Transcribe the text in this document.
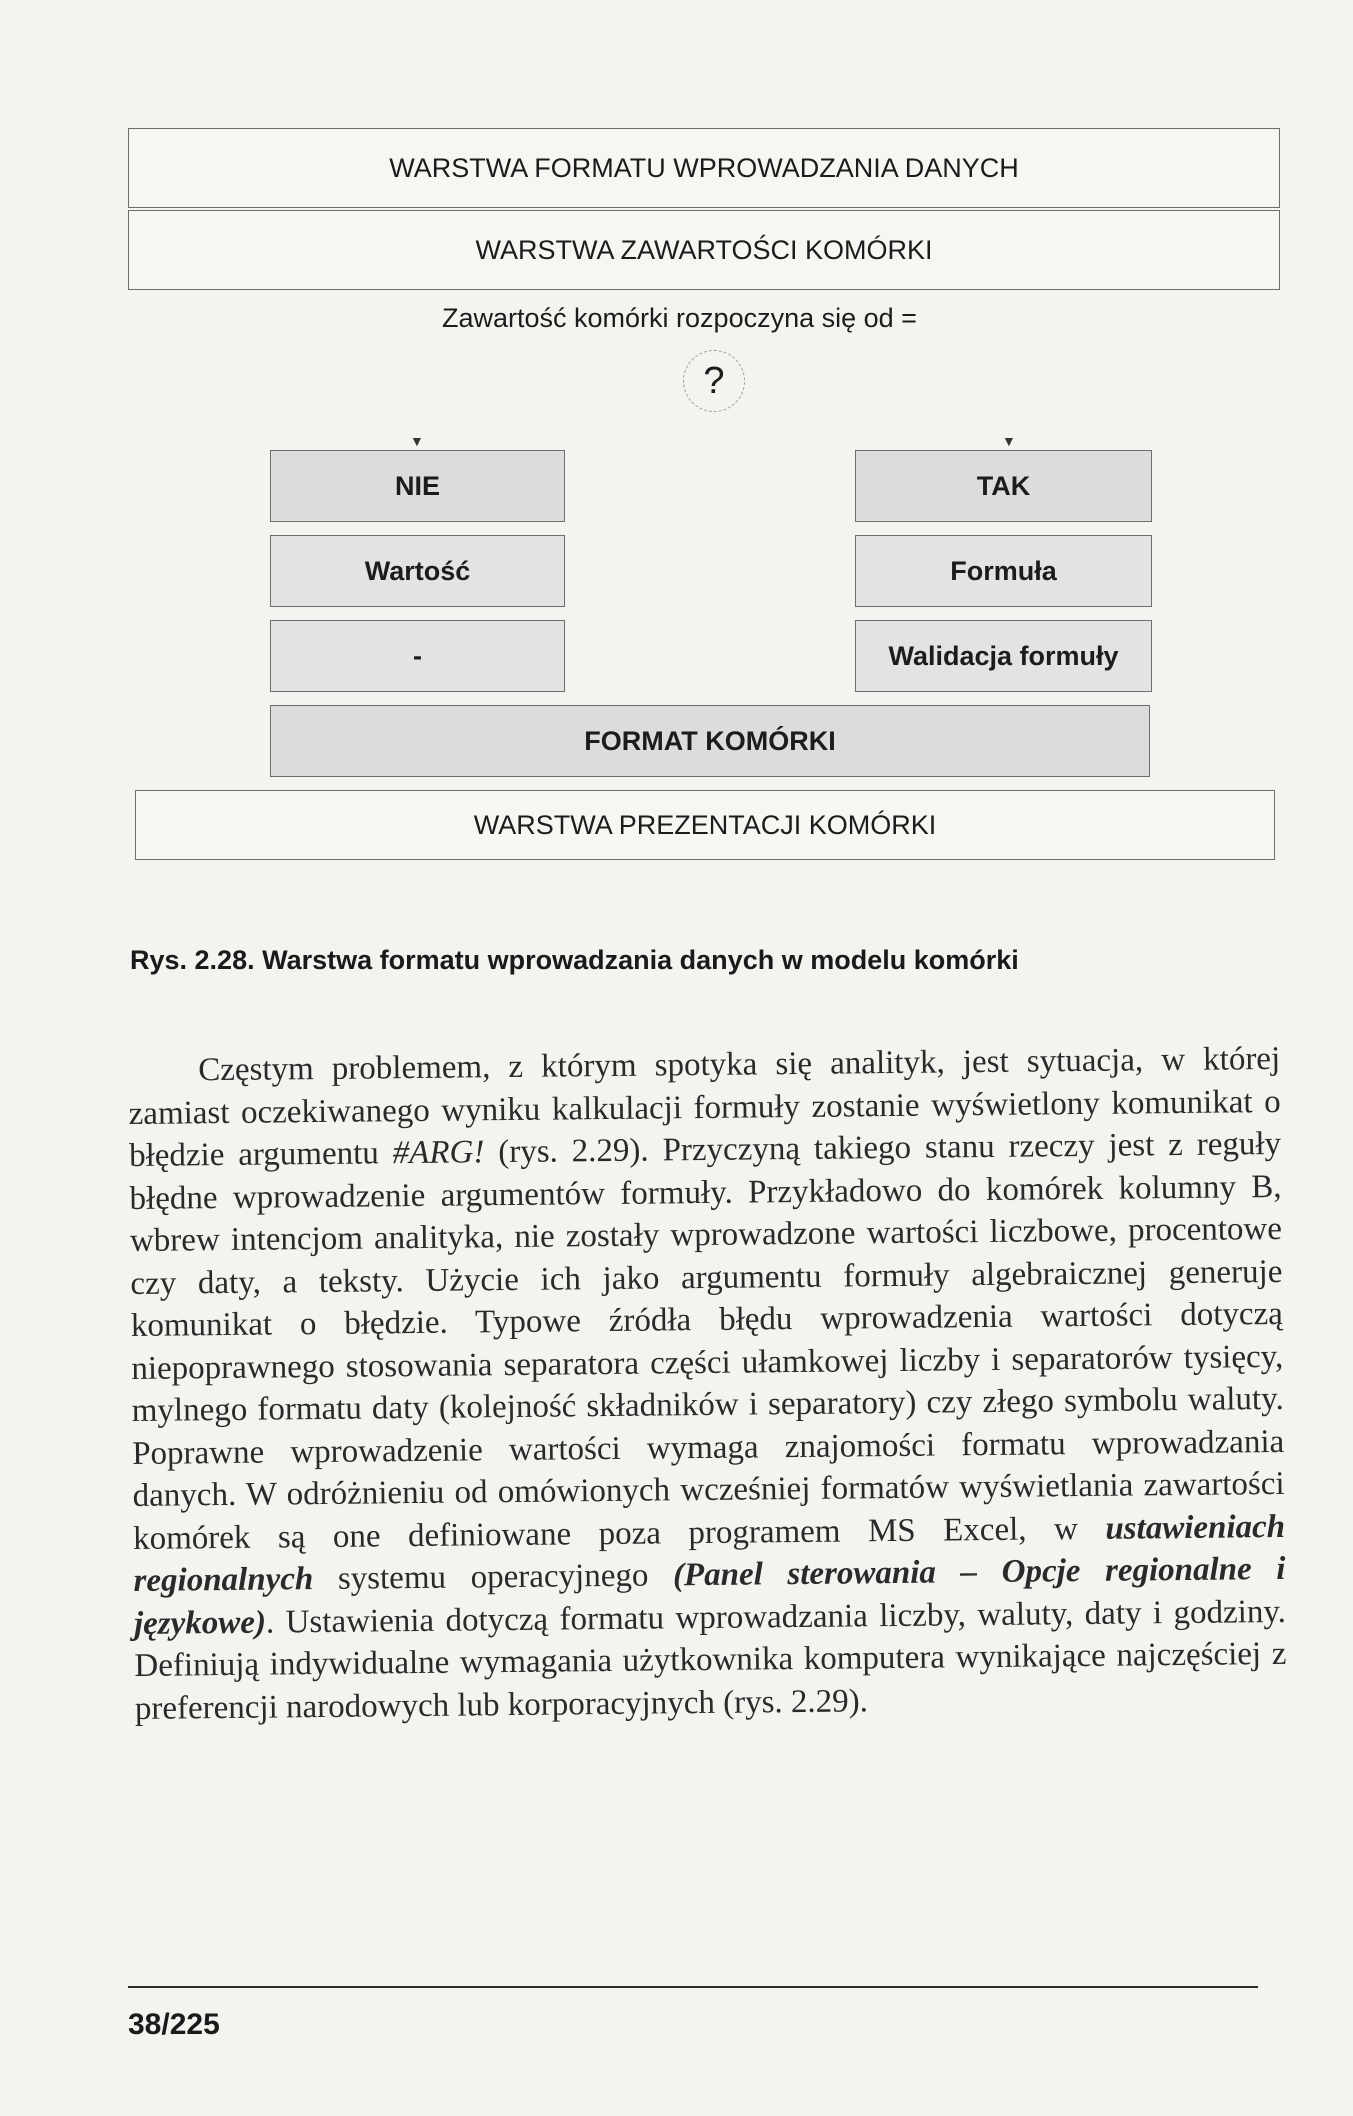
WARSTWA FORMATU WPROWADZANIA DANYCH
WARSTWA ZAWARTOŚCI KOMÓRKI
Zawartość komórki rozpoczyna się od =
?
▼	▼
NIE
Wartość
-
TAK
Formuła
Walidacja formuły
FORMAT KOMÓRKI
WARSTWA PREZENTACJI KOMÓRKI
Rys. 2.28. Warstwa formatu wprowadzania danych w modelu komórki

Częstym problemem, z którym spotyka się analityk, jest sytuacja, w której zamiast oczekiwanego wyniku kalkulacji formuły zostanie wyświetlony komunikat o błędzie argumentu #ARG! (rys. 2.29). Przyczyną takiego stanu rzeczy jest z reguły błędne wprowadzenie argumentów formuły. Przykładowo do komórek kolumny B, wbrew intencjom analityka, nie zostały wprowadzone wartości liczbowe, procentowe czy daty, a teksty. Użycie ich jako argumentu formuły algebraicznej generuje komunikat o błędzie. Typowe źródła błędu wprowadzenia wartości dotyczą niepoprawnego stosowania separatora części ułamkowej liczby i separatorów tysięcy, mylnego formatu daty (kolejność składników i separatory) czy złego symbolu waluty. Poprawne wprowadzenie wartości wymaga znajomości formatu wprowadzania danych. W odróżnieniu od omówionych wcześniej formatów wyświetlania zawartości komórek są one definiowane poza programem MS Excel, w ustawieniach regionalnych systemu operacyjnego (Panel sterowania – Opcje regionalne i językowe). Ustawienia dotyczą formatu wprowadzania liczby, waluty, daty i godziny. Definiują indywidualne wymagania użytkownika komputera wynikające najczęściej z preferencji narodowych lub korporacyjnych (rys. 2.29).

38/225
